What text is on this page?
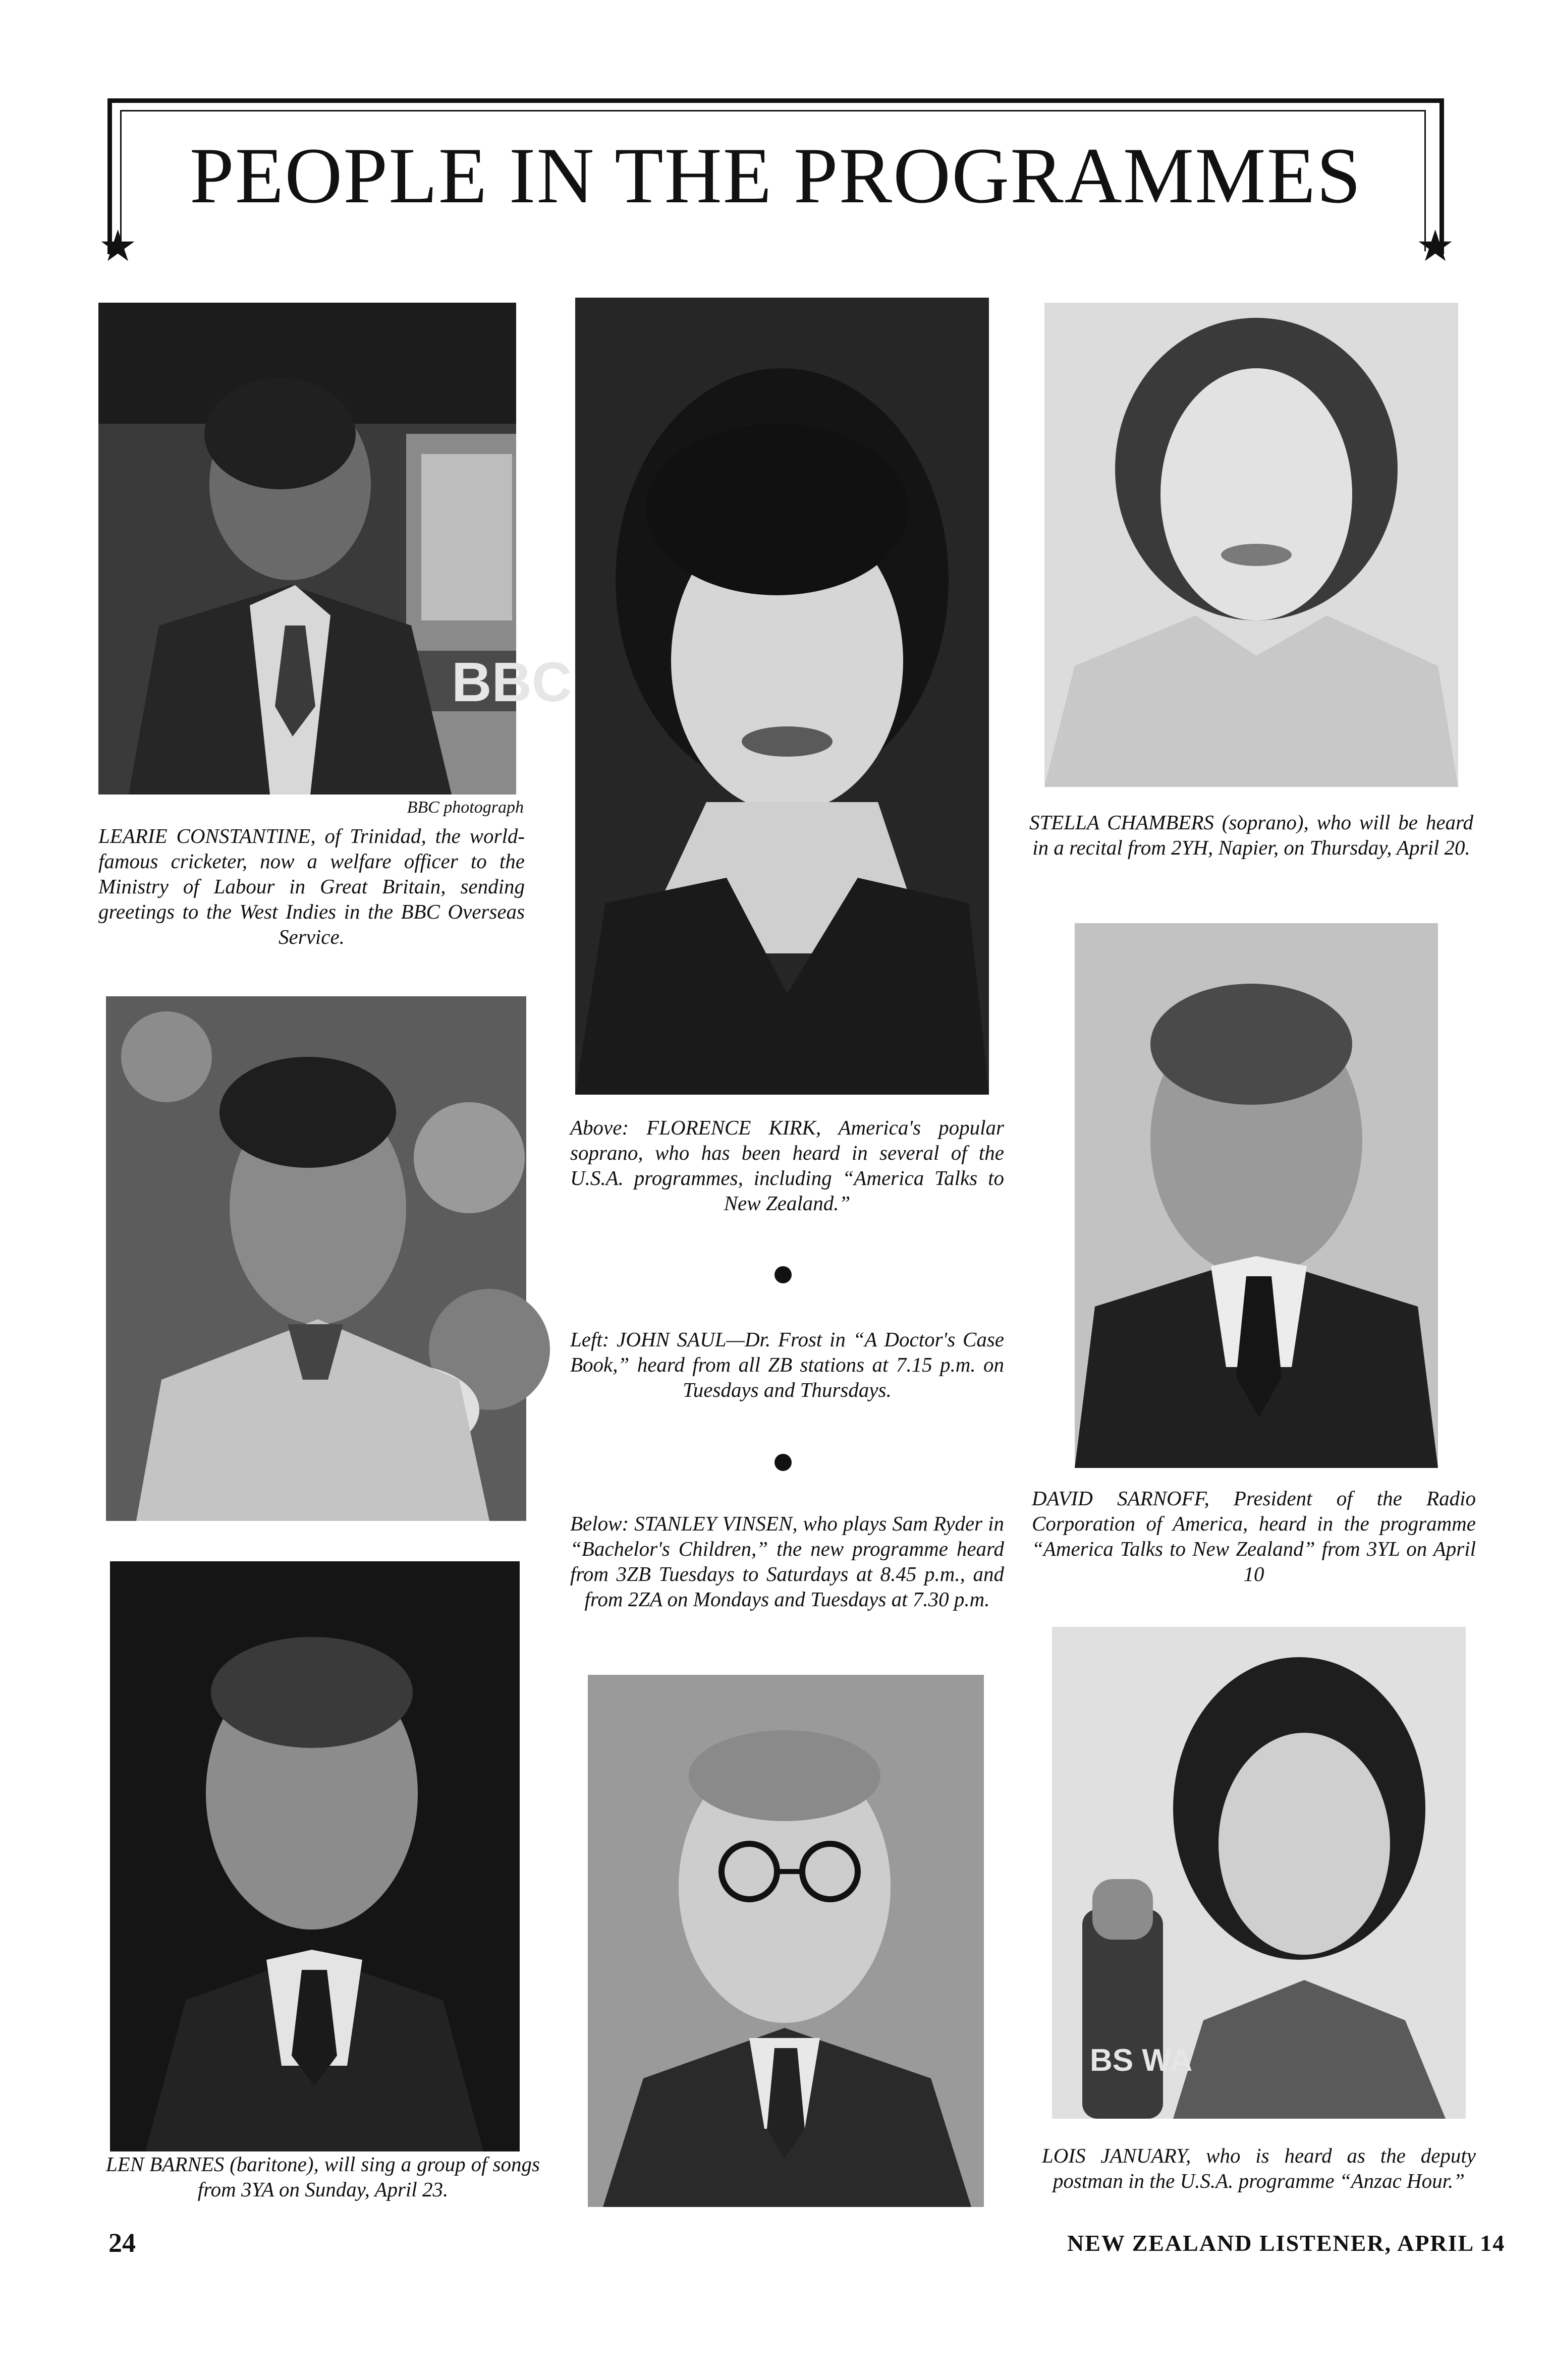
PEOPLE IN THE PROGRAMMES
★	★
BBC
BBC photograph
LEARIE CONSTANTINE, of Trinidad, the world-famous cricketer, now a welfare officer to the Ministry of Labour in Great Britain, sending greetings to the West Indies in the BBC Overseas Service.
LEN BARNES (baritone), will sing a group of songs from 3YA on Sunday, April 23.
Above: FLORENCE KIRK, America's popular soprano, who has been heard in several of the U.S.A. programmes, including “America Talks to New Zealand.”
Left: JOHN SAUL—Dr. Frost in “A Doctor's Case Book,” heard from all ZB stations at 7.15 p.m. on Tuesdays and Thursdays.
Below: STANLEY VINSEN, who plays Sam Ryder in “Bachelor's Children,” the new programme heard from 3ZB Tuesdays to Saturdays at 8.45 p.m., and from 2ZA on Mondays and Tuesdays at 7.30 p.m.
STELLA CHAMBERS (soprano), who will be heard in a recital from 2YH, Napier, on Thursday, April 20.
DAVID SARNOFF, President of the Radio Corporation of America, heard in the programme “America Talks to New Zealand” from 3YL on April 10
BS WA
LOIS JANUARY, who is heard as the deputy postman in the U.S.A. programme “Anzac Hour.”
24	NEW ZEALAND LISTENER, APRIL 14
